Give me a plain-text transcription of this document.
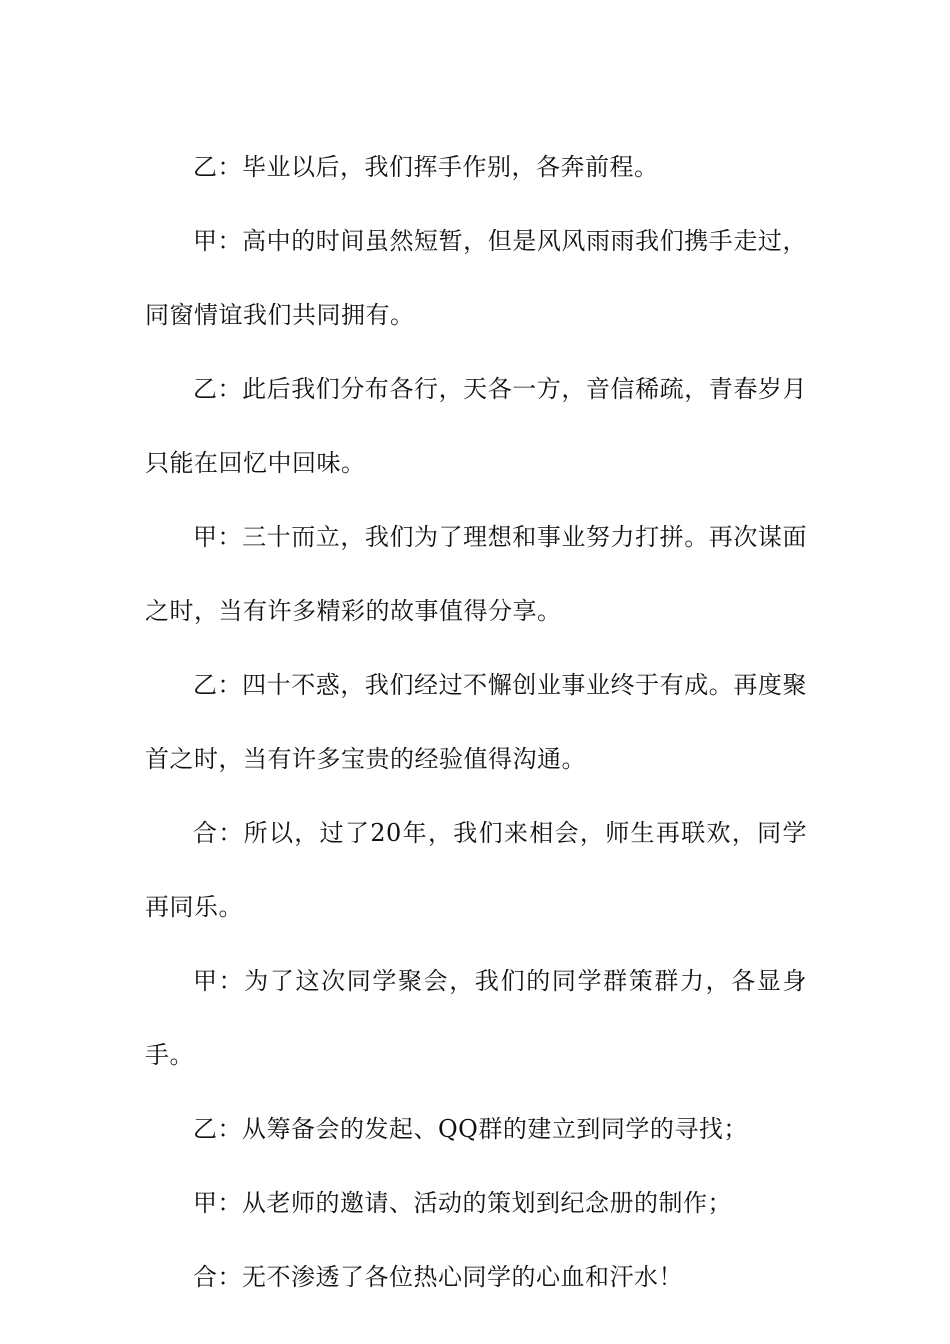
乙：毕业以后，我们挥手作别，各奔前程。

甲：高中的时间虽然短暂，但是风风雨雨我们携手走过，同窗情谊我们共同拥有。

乙：此后我们分布各行，天各一方，音信稀疏，青春岁月只能在回忆中回味。

甲：三十而立，我们为了理想和事业努力打拼。再次谋面之时，当有许多精彩的故事值得分享。

乙：四十不惑，我们经过不懈创业事业终于有成。再度聚首之时，当有许多宝贵的经验值得沟通。

合：所以，过了20年，我们来相会，师生再联欢，同学再同乐。

甲：为了这次同学聚会，我们的同学群策群力，各显身手。

乙：从筹备会的发起、QQ群的建立到同学的寻找；

甲：从老师的邀请、活动的策划到纪念册的制作；

合：无不渗透了各位热心同学的心血和汗水！
